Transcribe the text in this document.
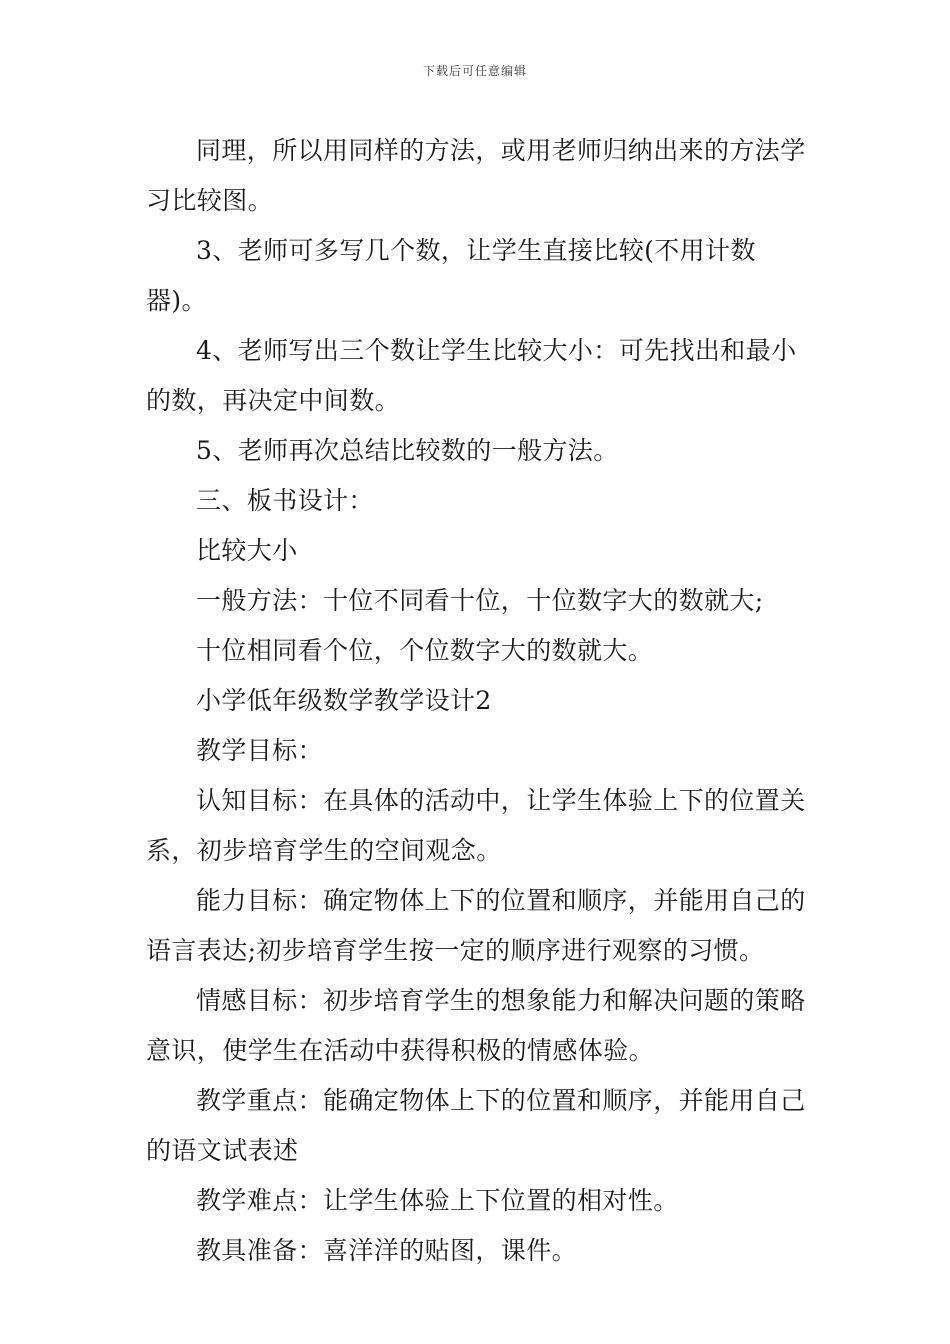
下载后可任意编辑

同理，所以用同样的方法，或用老师归纳出来的方法学习比较图。

3、老师可多写几个数，让学生直接比较(不用计数器)。

4、老师写出三个数让学生比较大小：可先找出和最小的数，再决定中间数。

5、老师再次总结比较数的一般方法。

三、板书设计：

比较大小

一般方法：十位不同看十位，十位数字大的数就大;

十位相同看个位，个位数字大的数就大。

小学低年级数学教学设计2

教学目标：

认知目标：在具体的活动中，让学生体验上下的位置关系，初步培育学生的空间观念。

能力目标：确定物体上下的位置和顺序，并能用自己的语言表达;初步培育学生按一定的顺序进行观察的习惯。

情感目标：初步培育学生的想象能力和解决问题的策略意识，使学生在活动中获得积极的情感体验。

教学重点：能确定物体上下的位置和顺序，并能用自己的语文试表述

教学难点：让学生体验上下位置的相对性。

教具准备：喜洋洋的贴图，课件。
